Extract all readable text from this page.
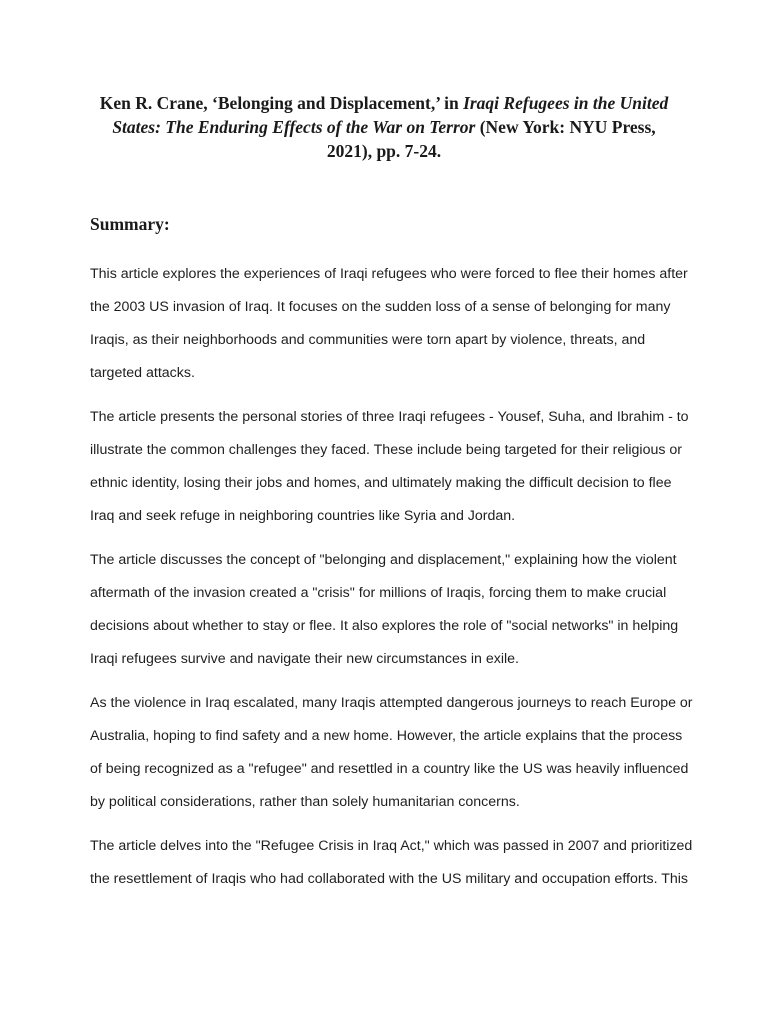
Ken R. Crane, ‘Belonging and Displacement,’ in Iraqi Refugees in the United States: The Enduring Effects of the War on Terror (New York: NYU Press, 2021), pp. 7-24.

Summary:

This article explores the experiences of Iraqi refugees who were forced to flee their homes after
the 2003 US invasion of Iraq. It focuses on the sudden loss of a sense of belonging for many
Iraqis, as their neighborhoods and communities were torn apart by violence, threats, and
targeted attacks.

The article presents the personal stories of three Iraqi refugees - Yousef, Suha, and Ibrahim - to
illustrate the common challenges they faced. These include being targeted for their religious or
ethnic identity, losing their jobs and homes, and ultimately making the difficult decision to flee
Iraq and seek refuge in neighboring countries like Syria and Jordan.

The article discusses the concept of "belonging and displacement," explaining how the violent
aftermath of the invasion created a "crisis" for millions of Iraqis, forcing them to make crucial
decisions about whether to stay or flee. It also explores the role of "social networks" in helping
Iraqi refugees survive and navigate their new circumstances in exile.

As the violence in Iraq escalated, many Iraqis attempted dangerous journeys to reach Europe or
Australia, hoping to find safety and a new home. However, the article explains that the process
of being recognized as a "refugee" and resettled in a country like the US was heavily influenced
by political considerations, rather than solely humanitarian concerns.

The article delves into the "Refugee Crisis in Iraq Act," which was passed in 2007 and prioritized
the resettlement of Iraqis who had collaborated with the US military and occupation efforts. This
